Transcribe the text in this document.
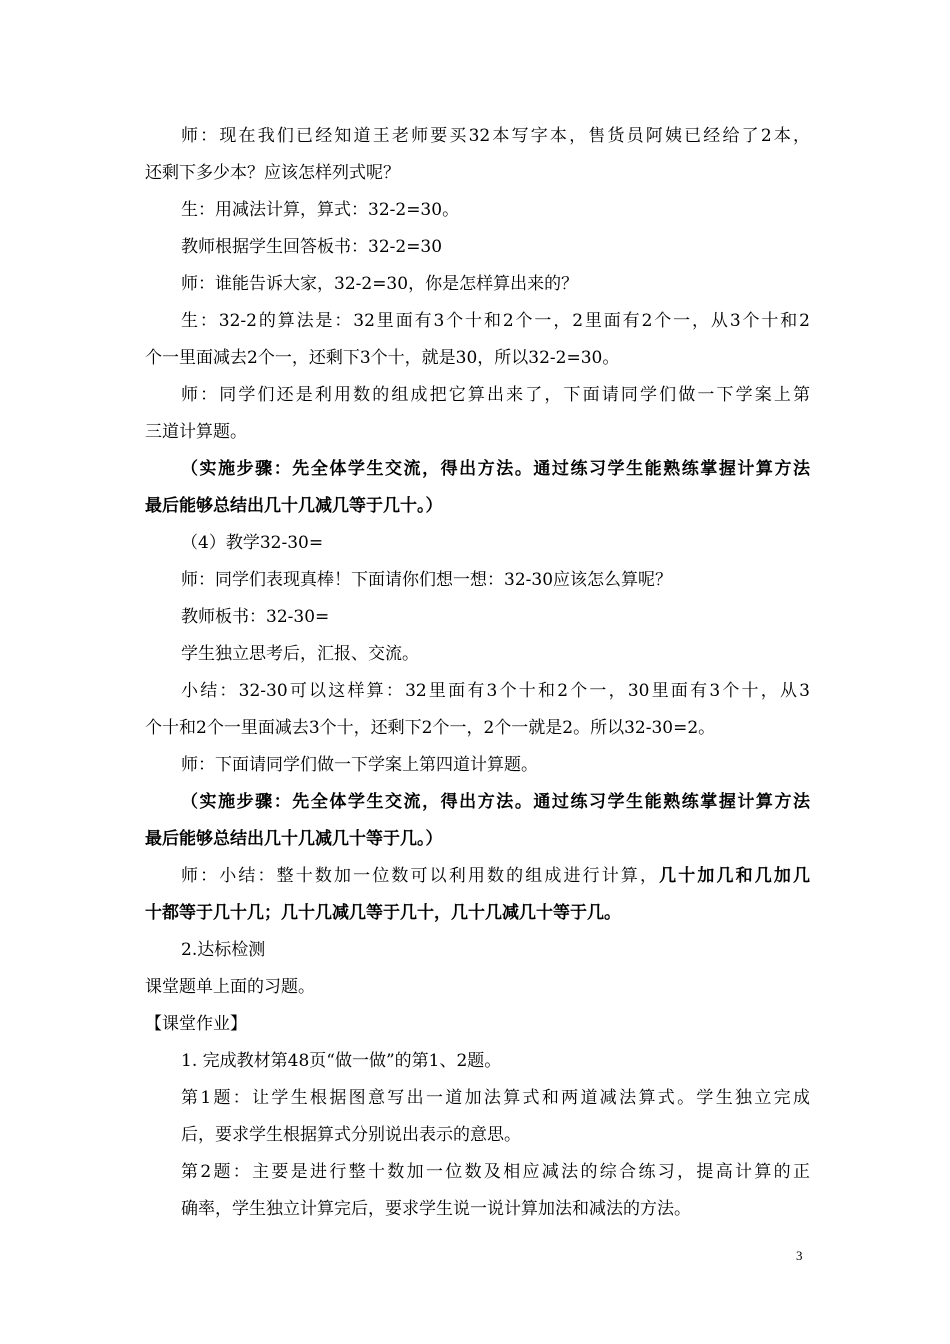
师：现在我们已经知道王老师要买32本写字本，售货员阿姨已经给了2本，
还剩下多少本？应该怎样列式呢？
生：用减法计算，算式：32-2=30。
教师根据学生回答板书：32-2=30
师：谁能告诉大家，32-2=30，你是怎样算出来的？
生：32-2的算法是：32里面有3个十和2个一，2里面有2个一，从3个十和2
个一里面减去2个一，还剩下3个十，就是30，所以32-2=30。
师：同学们还是利用数的组成把它算出来了，下面请同学们做一下学案上第
三道计算题。
（实施步骤：先全体学生交流，得出方法。通过练习学生能熟练掌握计算方法
最后能够总结出几十几减几等于几十。）
（4）教学32-30=
师：同学们表现真棒！下面请你们想一想：32-30应该怎么算呢？
教师板书：32-30=
学生独立思考后，汇报、交流。
小结：32-30可以这样算：32里面有3个十和2个一，30里面有3个十，从3
个十和2个一里面减去3个十，还剩下2个一，2个一就是2。所以32-30=2。
师：下面请同学们做一下学案上第四道计算题。
（实施步骤：先全体学生交流，得出方法。通过练习学生能熟练掌握计算方法
最后能够总结出几十几减几十等于几。）
师：小结：整十数加一位数可以利用数的组成进行计算，几十加几和几加几
十都等于几十几；几十几减几等于几十，几十几减几十等于几。
2.达标检测
课堂题单上面的习题。
【课堂作业】
1. 完成教材第48页“做一做”的第1、2题。
第1题：让学生根据图意写出一道加法算式和两道减法算式。学生独立完成
后，要求学生根据算式分别说出表示的意思。
第2题：主要是进行整十数加一位数及相应减法的综合练习，提高计算的正
确率，学生独立计算完后，要求学生说一说计算加法和减法的方法。
3
